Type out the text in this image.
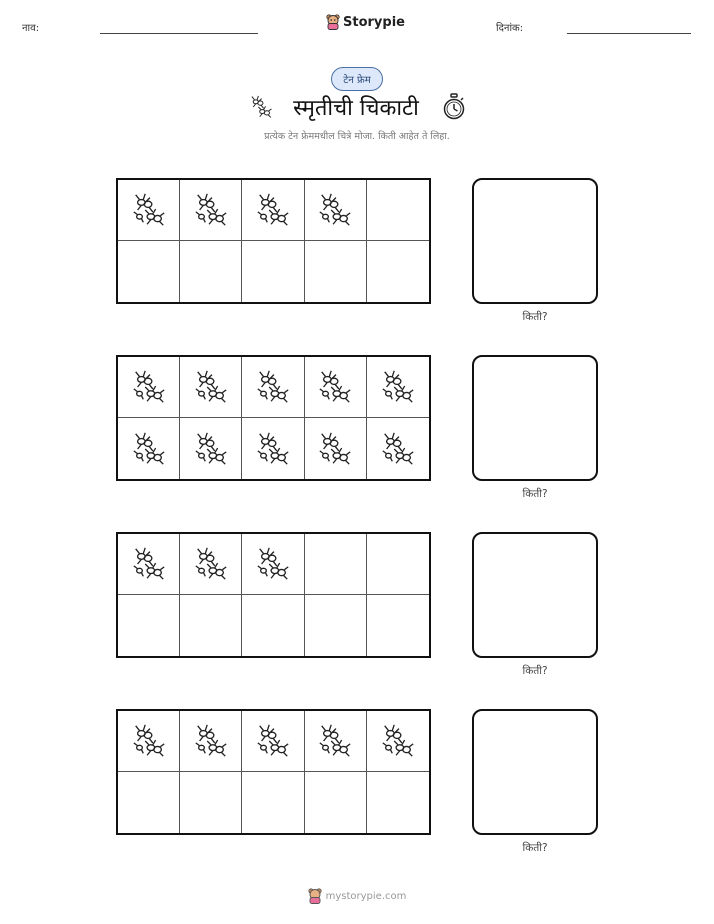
नाव:	Storypie	दिनांक:
टेन फ्रेम
स्मृतीची चिकाटी
प्रत्येक टेन फ्रेममधील चित्रे मोजा. किती आहेत ते लिहा.
किती?
किती?
किती?
किती?
mystorypie.com
